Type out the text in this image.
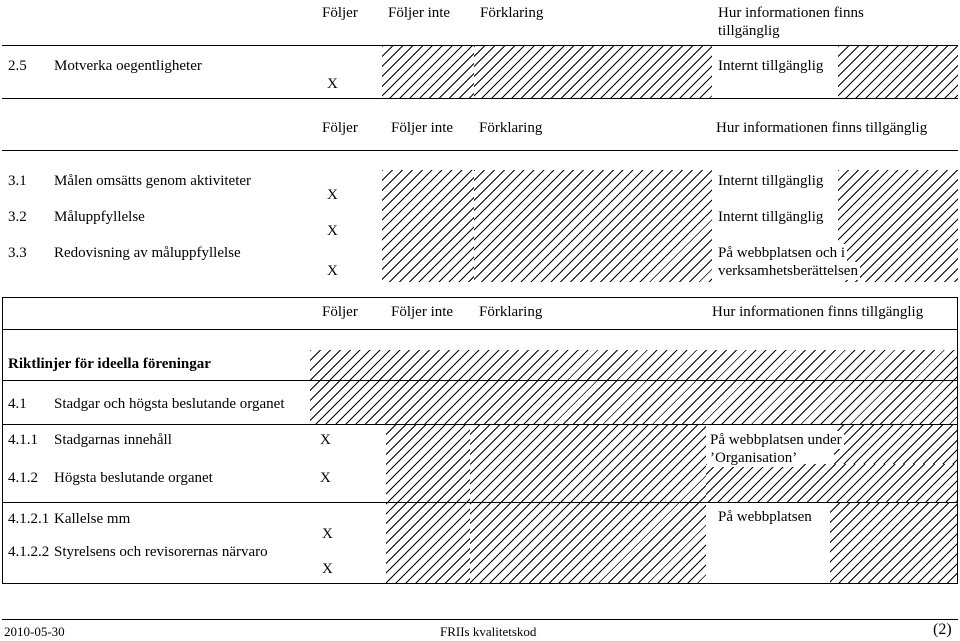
Följer Följer inte Förklaring	Hur informationen finns
tillgänglig
2.5 Motverka oegentligheter
X
Internt tillgänglig
Följer Följer inte Förklaring	Hur informationen finns tillgänglig
3.1 Målen omsätts genom aktiviteter
X
Internt tillgänglig
3.2 Måluppfyllelse
X
Internt tillgänglig
3.3 Redovisning av måluppfyllelse
X
På webbplatsen och i
verksamhetsberättelsen
Följer Följer inte Förklaring	Hur informationen finns tillgänglig
Riktlinjer för ideella föreningar
4.1 Stadgar och högsta beslutande organet
4.1.1 Stadgarnas innehåll	X	På webbplatsen under
’Organisation’
4.1.2 Högsta beslutande organet	X
4.1.2.1 Kallelse mm
X
På webbplatsen
4.1.2.2 Styrelsens och revisorernas närvaro
X
2010-05-30	FRIIs kvalitetskod	(2)
